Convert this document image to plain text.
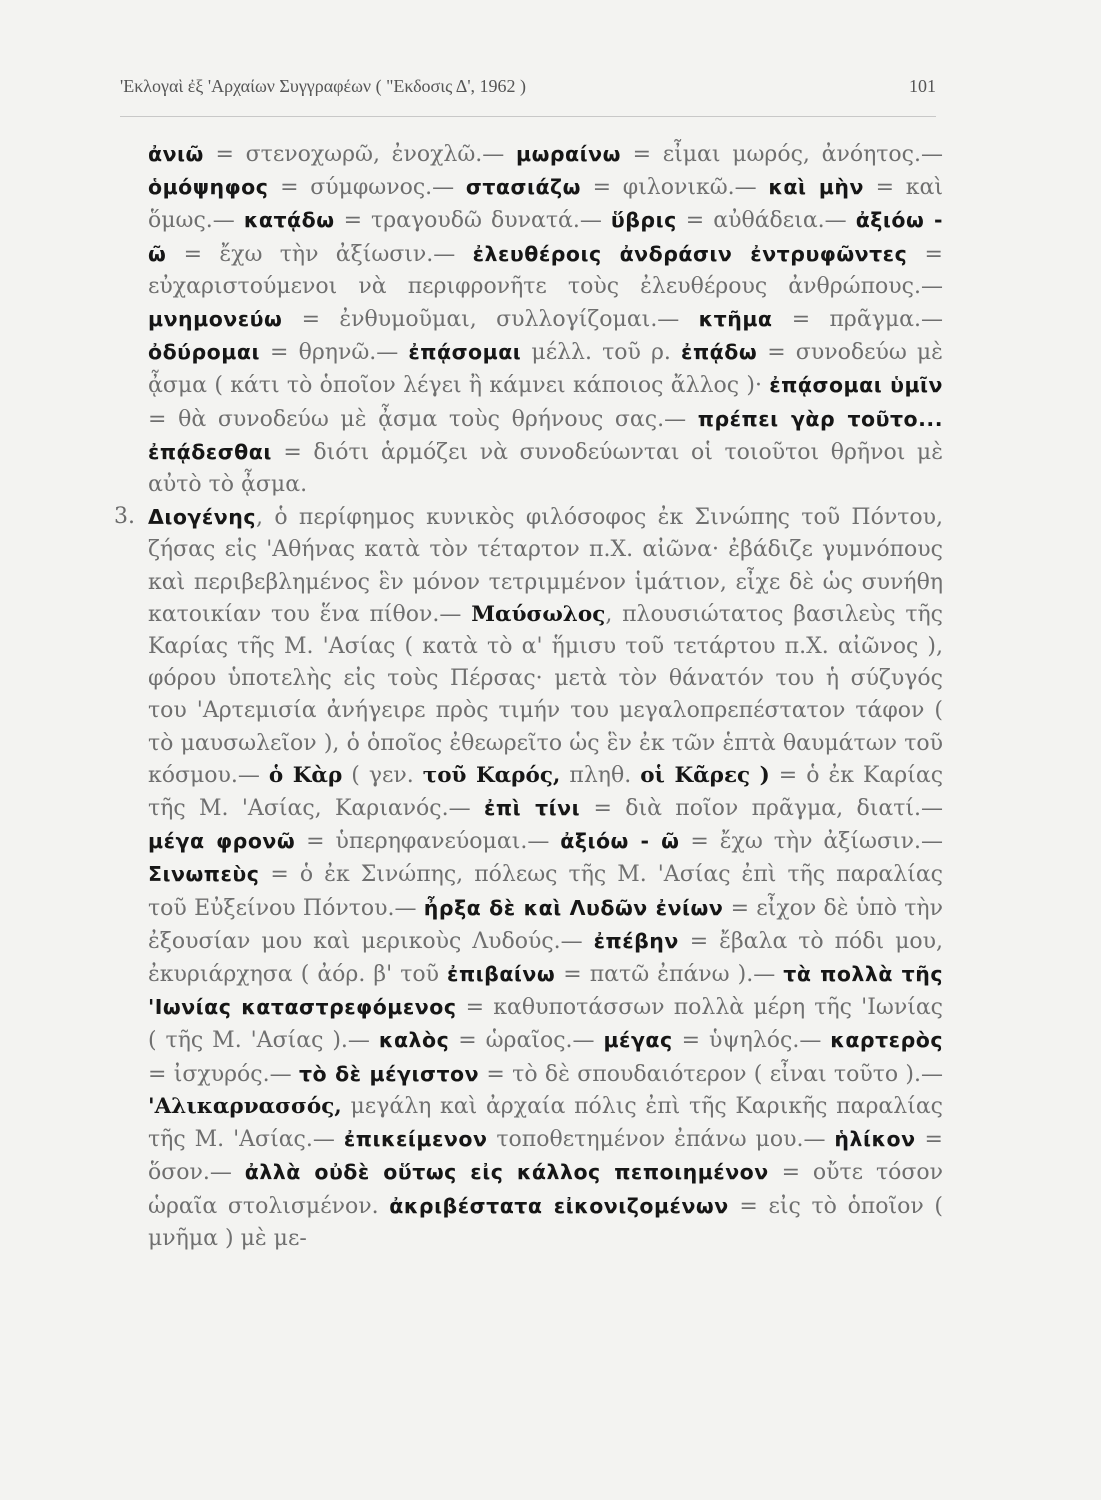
'Εκλογαὶ ἐξ 'Αρχαίων Συγγραφέων ( "Εκδοσις Δ', 1962 )	101

ἀνιῶ = στενοχωρῶ, ἐνοχλῶ.— μωραίνω = εἶμαι μωρός, ἀνόητος.— ὁμόψηφος = σύμφωνος.— στασιάζω = φιλονικῶ.— καὶ μὴν = καὶ ὅμως.— κατᾴδω = τραγουδῶ δυνατά.— ὕβρις = αὐθάδεια.— ἀξιόω - ῶ = ἔχω τὴν ἀξίωσιν.— ἐλευθέροις ἀνδράσιν ἐντρυφῶντες = εὐχαριστούμενοι νὰ περιφρονῆτε τοὺς ἐλευθέρους ἀνθρώπους.— μνημονεύω = ἐνθυμοῦμαι, συλλογίζομαι.— κτῆμα = πρᾶγμα.— ὀδύρομαι = θρηνῶ.— ἐπᾴσομαι μέλλ. τοῦ ρ. ἐπᾴδω = συνοδεύω μὲ ᾆσμα ( κάτι τὸ ὁποῖον λέγει ἢ κάμνει κάποιος ἄλλος )· ἐπᾴσομαι ὑμῖν = θὰ συνοδεύω μὲ ᾆσμα τοὺς θρήνους σας.— πρέπει γὰρ τοῦτο... ἐπᾴδεσθαι = διότι ἁρμόζει νὰ συνοδεύωνται οἱ τοιοῦτοι θρῆνοι μὲ αὐτὸ τὸ ᾆσμα.

3. Διογένης, ὁ περίφημος κυνικὸς φιλόσοφος ἐκ Σινώπης τοῦ Πόντου, ζήσας εἰς 'Αθήνας κατὰ τὸν τέταρτον π.Χ. αἰῶνα· ἐβάδιζε γυμνόπους καὶ περιβεβλημένος ἓν μόνον τετριμμένον ἱμάτιον, εἶχε δὲ ὡς συνήθη κατοικίαν του ἕνα πίθον.— Μαύσωλος, πλουσιώτατος βασιλεὺς τῆς Καρίας τῆς Μ. 'Ασίας ( κατὰ τὸ α' ἥμισυ τοῦ τετάρτου π.Χ. αἰῶνος ), φόρου ὑποτελὴς εἰς τοὺς Πέρσας· μετὰ τὸν θάνατόν του ἡ σύζυγός του 'Αρτεμισία ἀνήγειρε πρὸς τιμήν του μεγαλοπρεπέστατον τάφον ( τὸ μαυσωλεῖον ), ὁ ὁποῖος ἐθεωρεῖτο ὡς ἓν ἐκ τῶν ἑπτὰ θαυμάτων τοῦ κόσμου.— ὁ Κὰρ ( γεν. τοῦ Καρός, πληθ. οἱ Κᾶρες ) = ὁ ἐκ Καρίας τῆς Μ. 'Ασίας, Καριανός.— ἐπὶ τίνι = διὰ ποῖον πρᾶγμα, διατί.— μέγα φρονῶ = ὑπερηφανεύομαι.— ἀξιόω - ῶ = ἔχω τὴν ἀξίωσιν.— Σινωπεὺς = ὁ ἐκ Σινώπης, πόλεως τῆς Μ. 'Ασίας ἐπὶ τῆς παραλίας τοῦ Εὐξείνου Πόντου.— ἦρξα δὲ καὶ Λυδῶν ἐνίων = εἶχον δὲ ὑπὸ τὴν ἐξουσίαν μου καὶ μερικοὺς Λυδούς.— ἐπέβην = ἔβαλα τὸ πόδι μου, ἐκυριάρχησα ( ἀόρ. β' τοῦ ἐπιβαίνω = πατῶ ἐπάνω ).— τὰ πολλὰ τῆς 'Ιωνίας καταστρεφόμενος = καθυποτάσσων πολλὰ μέρη τῆς 'Ιωνίας ( τῆς Μ. 'Ασίας ).— καλὸς = ὡραῖος.— μέγας = ὑψηλός.— καρτερὸς = ἰσχυρός.— τὸ δὲ μέγιστον = τὸ δὲ σπουδαιότερον ( εἶναι τοῦτο ).— 'Αλικαρνασσός, μεγάλη καὶ ἀρχαία πόλις ἐπὶ τῆς Καρικῆς παραλίας τῆς Μ. 'Ασίας.— ἐπικείμενον τοποθετημένον ἐπάνω μου.— ἡλίκον = ὅσον.— ἀλλὰ οὐδὲ οὕτως εἰς κάλλος πεποιημένον = οὔτε τόσον ὡραῖα στολισμένον. ἀκριβέστατα εἰκονιζομένων = εἰς τὸ ὁποῖον ( μνῆμα ) μὲ με-
